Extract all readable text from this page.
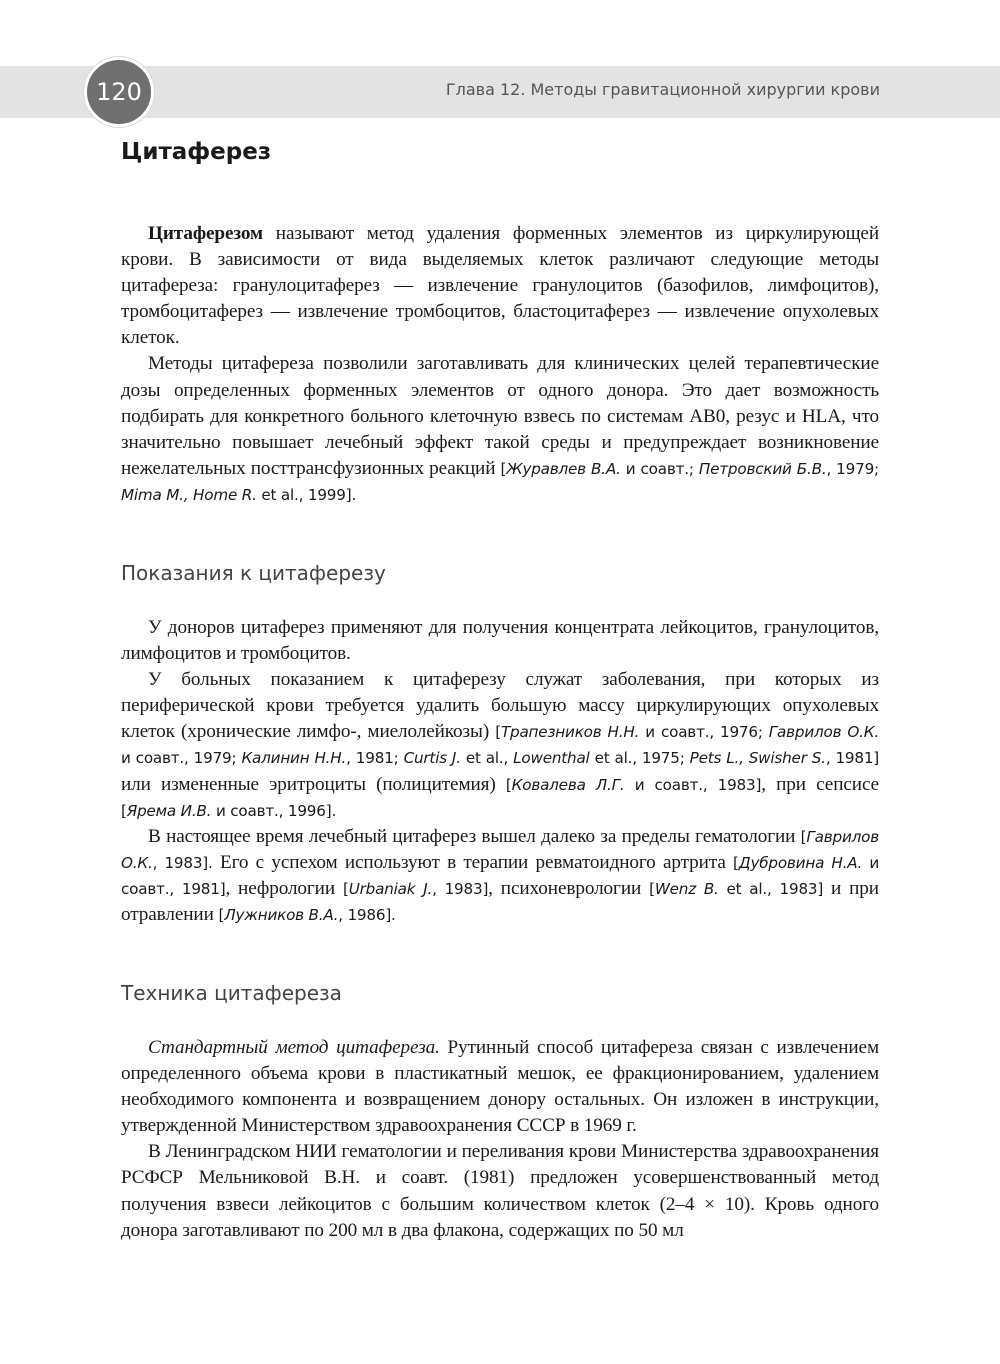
120	Глава 12. Методы гравитационной хирургии крови
Цитаферез

Цитаферезом называют метод удаления форменных элементов из циркулирующей крови. В зависимости от вида выделяемых клеток различают следующие методы цитафереза: гранулоцитаферез — извлечение гранулоцитов (базофилов, лимфоцитов), тромбоцитаферез — извлечение тромбоцитов, бластоцитаферез — извлечение опухолевых клеток.

Методы цитафереза позволили заготавливать для клинических целей терапевтические дозы определенных форменных элементов от одного донора. Это дает возможность подбирать для конкретного больного клеточную взвесь по системам АВ0, резус и HLA, что значительно повышает лечебный эффект такой среды и предупреждает возникновение нежелательных посттрансфузионных реакций [Журавлев В.А. и соавт.; Петровский Б.В., 1979; Mima M., Home R. et al., 1999].

Показания к цитаферезу

У доноров цитаферез применяют для получения концентрата лейкоцитов, гранулоцитов, лимфоцитов и тромбоцитов.

У больных показанием к цитаферезу служат заболевания, при которых из периферической крови требуется удалить большую массу циркулирующих опухолевых клеток (хронические лимфо-, миелолейкозы) [Трапезников Н.Н. и соавт., 1976; Гаврилов О.К. и соавт., 1979; Калинин Н.Н., 1981; Curtis J. et al., Lowenthal et al., 1975; Pets L., Swisher S., 1981] или измененные эритроциты (полицитемия) [Ковалева Л.Г. и соавт., 1983], при сепсисе [Ярема И.В. и соавт., 1996].

В настоящее время лечебный цитаферез вышел далеко за пределы гематологии [Гаврилов О.К., 1983]. Его с успехом используют в терапии ревматоидного артрита [Дубровина Н.А. и соавт., 1981], нефрологии [Urbaniak J., 1983], психоневрологии [Wenz B. et al., 1983] и при отравлении [Лужников В.А., 1986].

Техника цитафереза

Стандартный метод цитафереза. Рутинный способ цитафереза связан с извлечением определенного объема крови в пластикатный мешок, ее фракционированием, удалением необходимого компонента и возвращением донору остальных. Он изложен в инструкции, утвержденной Министерством здравоохранения СССР в 1969 г.

В Ленинградском НИИ гематологии и переливания крови Министерства здравоохранения РСФСР Мельниковой В.Н. и соавт. (1981) предложен усовершенствованный метод получения взвеси лейкоцитов с большим количеством клеток (2–4 × 10). Кровь одного донора заготавливают по 200 мл в два флакона, содержащих по 50 мл
